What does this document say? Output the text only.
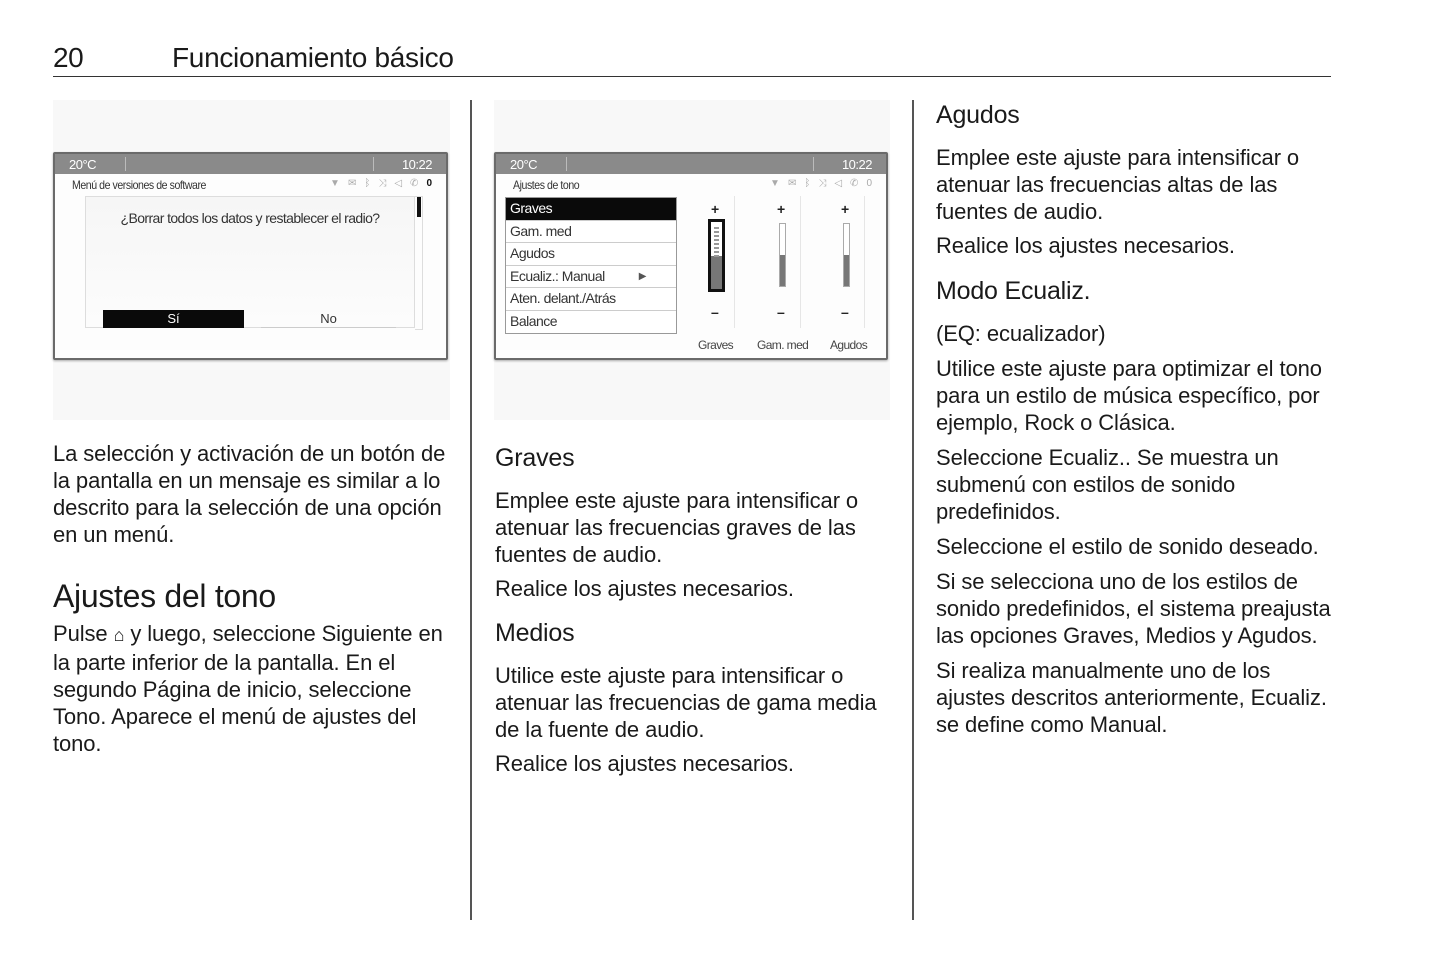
20	Funcionamiento básico
20°C	10:22
Menú de versiones de software	▼ ✉ ᛒ ⤨ ◁ ✆ 0
¿Borrar todos los datos y restablecer el radio?
Sí	No

La selección y activación de un botón de la pantalla en un mensaje es similar a lo descrito para la selección de una opción en un menú.

Ajustes del tono

Pulse ⌂ y luego, seleccione Siguiente en la parte inferior de la pantalla. En el segundo Página de inicio, seleccione Tono. Aparece el menú de ajustes del tono.

20°C	10:22
Ajustes de tono	▼ ✉ ᛒ ⤨ ◁ ✆ 0
Graves
Gam. med
Agudos
Ecualiz.: Manual	▶
Aten. delant./Atrás
Balance
+
–
+
–
+
–
Graves Gam. med Agudos
Graves

Emplee este ajuste para intensificar o atenuar las frecuencias graves de las fuentes de audio.

Realice los ajustes necesarios.

Medios

Utilice este ajuste para intensificar o atenuar las frecuencias de gama media de la fuente de audio.

Realice los ajustes necesarios.

Agudos

Emplee este ajuste para intensificar o atenuar las frecuencias altas de las fuentes de audio.

Realice los ajustes necesarios.

Modo Ecualiz.

(EQ: ecualizador)

Utilice este ajuste para optimizar el tono para un estilo de música específico, por ejemplo, Rock o Clásica.

Seleccione Ecualiz.. Se muestra un submenú con estilos de sonido predefinidos.

Seleccione el estilo de sonido deseado.

Si se selecciona uno de los estilos de sonido predefinidos, el sistema preajusta las opciones Graves, Medios y Agudos.

Si realiza manualmente uno de los ajustes descritos anteriormente, Ecualiz. se define como Manual.
